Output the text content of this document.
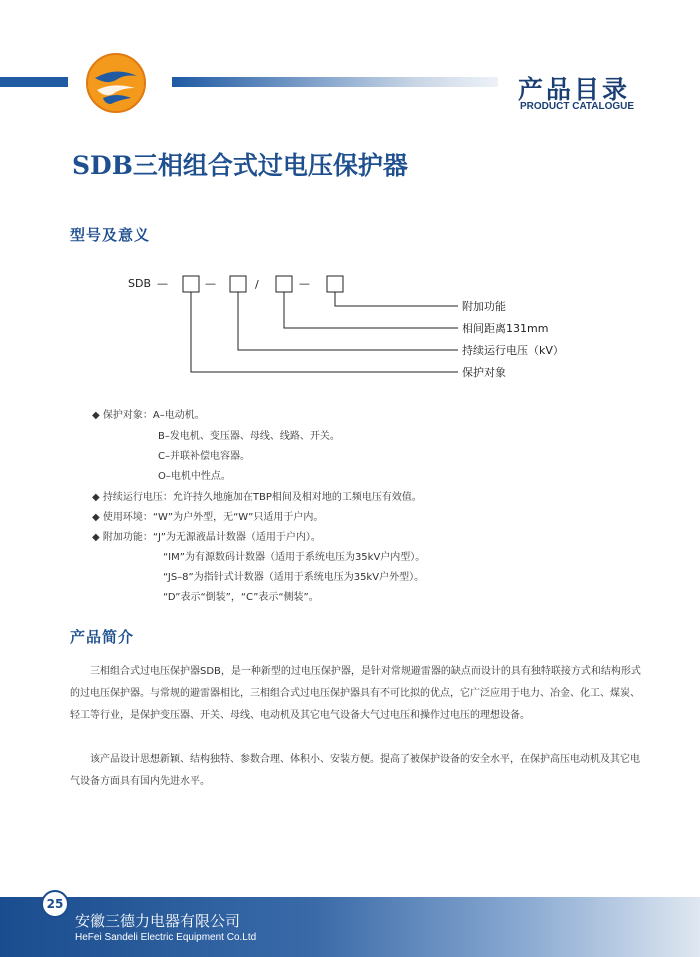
产品目录
PRODUCT CATALOGUE
SDB三相组合式过电压保护器
型号及意义
SDB —	—	/	—
附加功能
相间距离131mm
持续运行电压（kV）
保护对象
◆ 保护对象：A–电动机。
B–发电机、变压器、母线、线路、开关。
C–并联补偿电容器。
O–电机中性点。
◆ 持续运行电压：允许持久地施加在TBP相间及相对地的工频电压有效值。
◆ 使用环境：“W”为户外型，无“W”只适用于户内。
◆ 附加功能：“J”为无源液晶计数器（适用于户内）。
“IM”为有源数码计数器（适用于系统电压为35kV户内型）。
“JS–8”为指针式计数器（适用于系统电压为35kV户外型）。
“D”表示“倒装”，“C”表示“侧装”。
产品简介
三相组合式过电压保护器SDB，是一种新型的过电压保护器，是针对常规避雷器的缺点而设计的具有独特联接方式和结构形式的过电压保护器。与常规的避雷器相比，三相组合式过电压保护器具有不可比拟的优点，它广泛应用于电力、冶金、化工、煤炭、轻工等行业，是保护变压器、开关、母线、电动机及其它电气设备大气过电压和操作过电压的理想设备。
该产品设计思想新颖、结构独特、参数合理、体积小、安装方便。提高了被保护设备的安全水平，在保护高压电动机及其它电气设备方面具有国内先进水平。
25
安徽三德力电器有限公司
HeFei Sandeli Electric Equipment Co.Ltd
